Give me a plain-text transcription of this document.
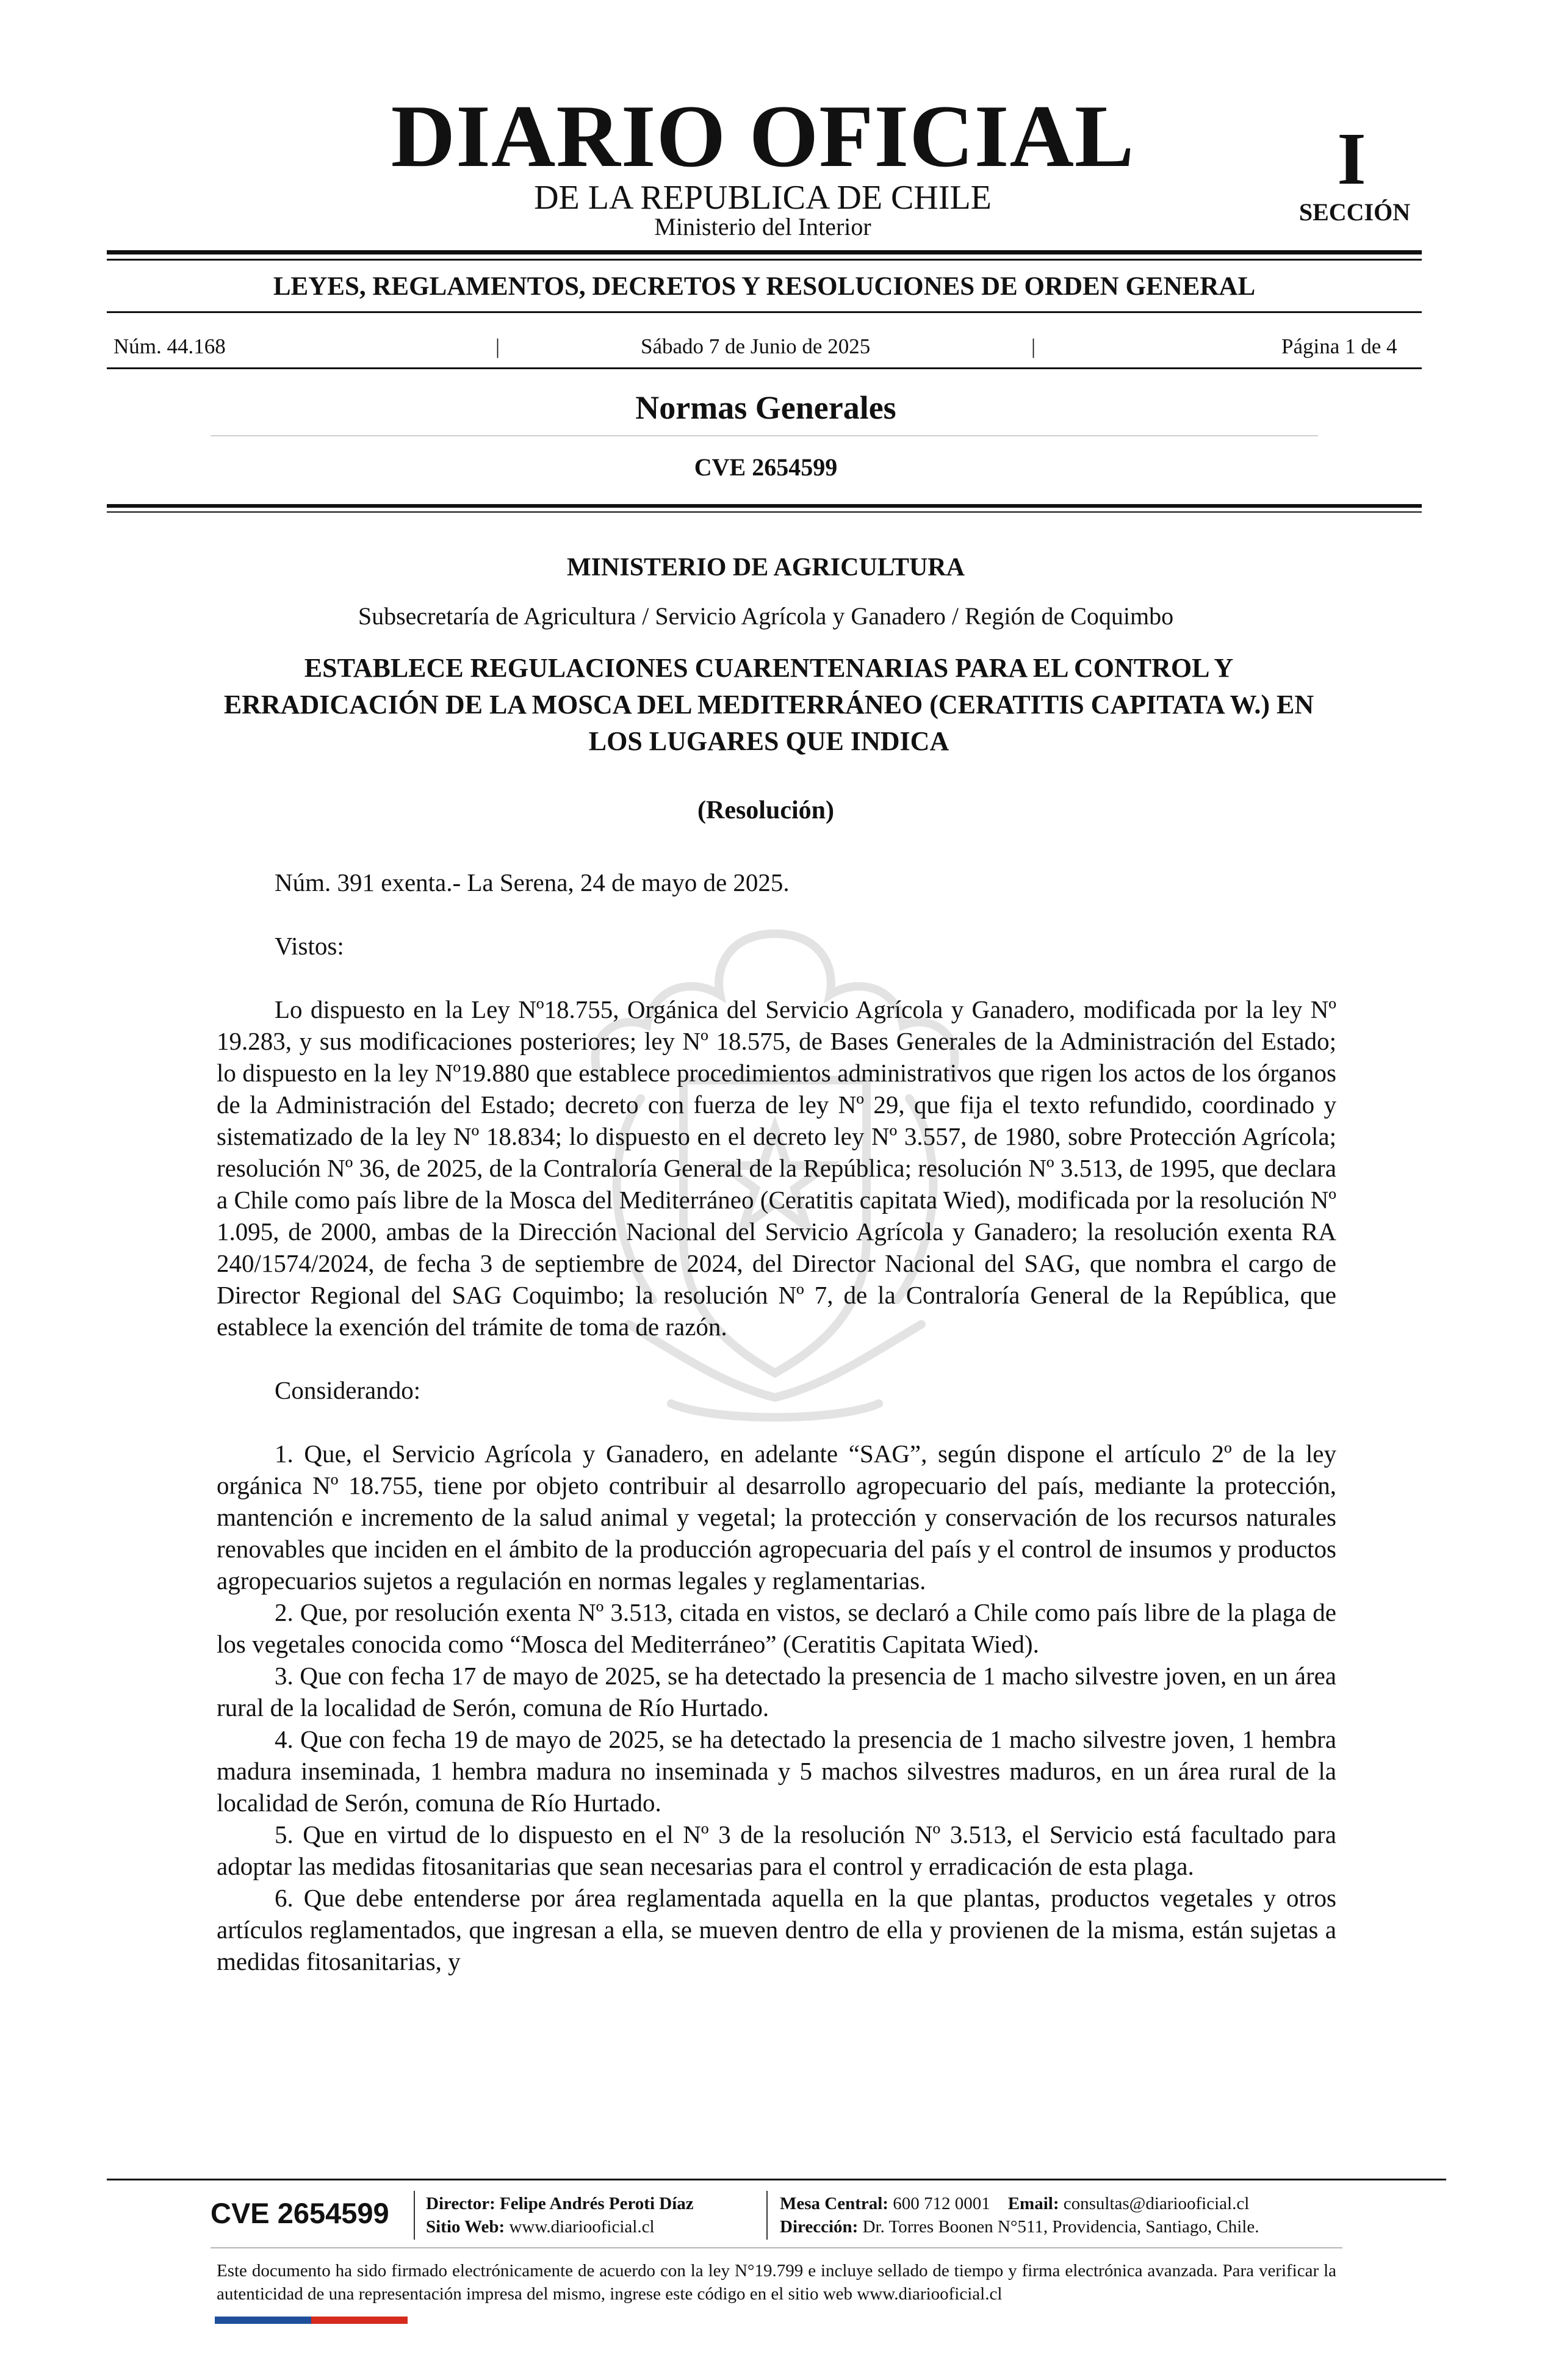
DIARIO OFICIAL
DE LA REPUBLICA DE CHILE
Ministerio del Interior
I
SECCIÓN
LEYES, REGLAMENTOS, DECRETOS Y RESOLUCIONES DE ORDEN GENERAL
Núm. 44.168	|	Sábado 7 de Junio de 2025	|	Página 1 de 4
Normas Generales
CVE 2654599
MINISTERIO DE AGRICULTURA
Subsecretaría de Agricultura / Servicio Agrícola y Ganadero / Región de Coquimbo
ESTABLECE REGULACIONES CUARENTENARIAS PARA EL CONTROL Y ERRADICACIÓN DE LA MOSCA DEL MEDITERRÁNEO (CERATITIS CAPITATA W.) EN LOS LUGARES QUE INDICA
(Resolución)

Núm. 391 exenta.- La Serena, 24 de mayo de 2025.

Vistos:

Lo dispuesto en la Ley Nº18.755, Orgánica del Servicio Agrícola y Ganadero, modificada por la ley Nº 19.283, y sus modificaciones posteriores; ley Nº 18.575, de Bases Generales de la Administración del Estado; lo dispuesto en la ley Nº19.880 que establece procedimientos administrativos que rigen los actos de los órganos de la Administración del Estado; decreto con fuerza de ley Nº 29, que fija el texto refundido, coordinado y sistematizado de la ley Nº 18.834; lo dispuesto en el decreto ley Nº 3.557, de 1980, sobre Protección Agrícola; resolución Nº 36, de 2025, de la Contraloría General de la República; resolución Nº 3.513, de 1995, que declara a Chile como país libre de la Mosca del Mediterráneo (Ceratitis capitata Wied), modificada por la resolución Nº 1.095, de 2000, ambas de la Dirección Nacional del Servicio Agrícola y Ganadero; la resolución exenta RA 240/1574/2024, de fecha 3 de septiembre de 2024, del Director Nacional del SAG, que nombra el cargo de Director Regional del SAG Coquimbo; la resolución Nº 7, de la Contraloría General de la República, que establece la exención del trámite de toma de razón.

Considerando:

1. Que, el Servicio Agrícola y Ganadero, en adelante “SAG”, según dispone el artículo 2º de la ley orgánica Nº 18.755, tiene por objeto contribuir al desarrollo agropecuario del país, mediante la protección, mantención e incremento de la salud animal y vegetal; la protección y conservación de los recursos naturales renovables que inciden en el ámbito de la producción agropecuaria del país y el control de insumos y productos agropecuarios sujetos a regulación en normas legales y reglamentarias.

2. Que, por resolución exenta Nº 3.513, citada en vistos, se declaró a Chile como país libre de la plaga de los vegetales conocida como “Mosca del Mediterráneo” (Ceratitis Capitata Wied).

3. Que con fecha 17 de mayo de 2025, se ha detectado la presencia de 1 macho silvestre joven, en un área rural de la localidad de Serón, comuna de Río Hurtado.

4. Que con fecha 19 de mayo de 2025, se ha detectado la presencia de 1 macho silvestre joven, 1 hembra madura inseminada, 1 hembra madura no inseminada y 5 machos silvestres maduros, en un área rural de la localidad de Serón, comuna de Río Hurtado.

5. Que en virtud de lo dispuesto en el Nº 3 de la resolución Nº 3.513, el Servicio está facultado para adoptar las medidas fitosanitarias que sean necesarias para el control y erradicación de esta plaga.

6. Que debe entenderse por área reglamentada aquella en la que plantas, productos vegetales y otros artículos reglamentados, que ingresan a ella, se mueven dentro de ella y provienen de la misma, están sujetas a medidas fitosanitarias, y

CVE 2654599 Director: Felipe Andrés Peroti Díaz
Sitio Web: www.diariooficial.cl
Mesa Central: 600 712 0001 Email: consultas@diariooficial.cl
Dirección: Dr. Torres Boonen N°511, Providencia, Santiago, Chile.
Este documento ha sido firmado electrónicamente de acuerdo con la ley N°19.799 e incluye sellado de tiempo y firma electrónica avanzada. Para verificar la autenticidad de una representación impresa del mismo, ingrese este código en el sitio web www.diariooficial.cl
